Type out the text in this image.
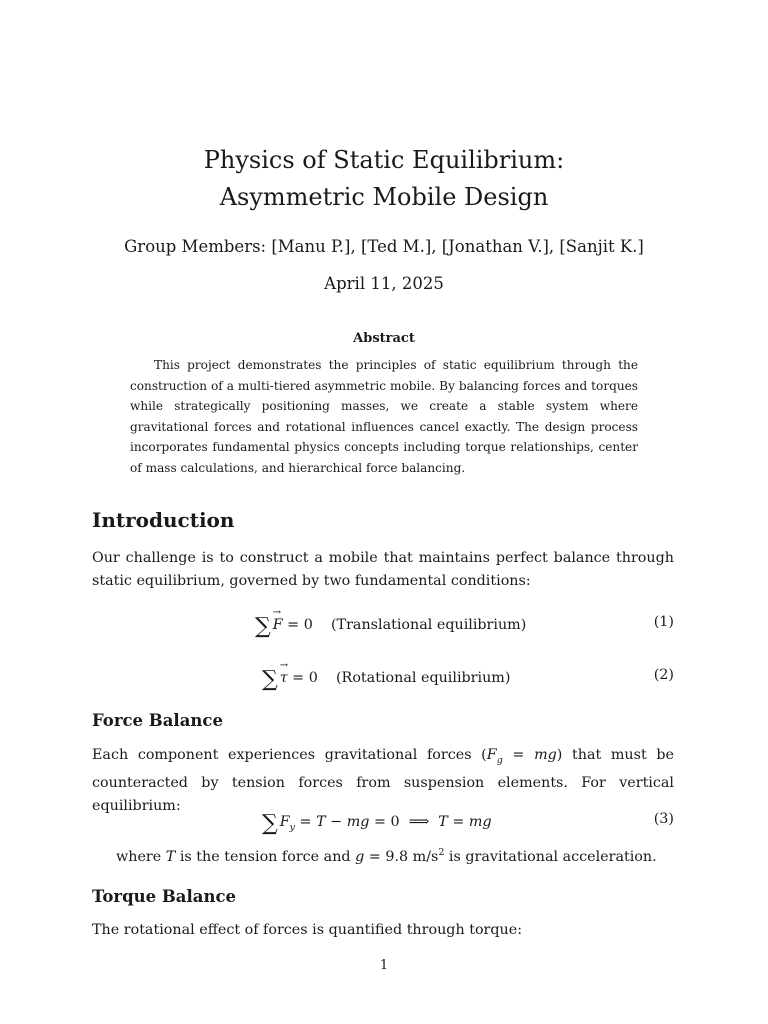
Physics of Static Equilibrium:
Asymmetric Mobile Design
Group Members: [Manu P.], [Ted M.], [Jonathan V.], [Sanjit K.]
April 11, 2025
Abstract

This project demonstrates the principles of static equilibrium through the construction of a multi-tiered asymmetric mobile. By balancing forces and torques while strategically positioning masses, we create a stable system where gravitational forces and rotational influences cancel exactly. The design process incorporates fundamental physics concepts including torque relationships, center of mass calculations, and hierarchical force balancing.

Introduction

Our challenge is to construct a mobile that maintains perfect balance through static equilibrium, governed by two fundamental conditions:

∑ → F = 0    (Translational equilibrium)	(1)
∑ → τ = 0    (Rotational equilibrium)	(2)
Force Balance

Each component experiences gravitational forces $(F_g = mg)$ that must be counteracted by tension forces from suspension elements. For vertical equilibrium:

∑ $F_y = T$ − mg = 0  ⟹  T = mg	(3)

where T is the tension force and g = 9.8 $m/s^2$ is gravitational acceleration.

Torque Balance

The rotational effect of forces is quantified through torque:

1
